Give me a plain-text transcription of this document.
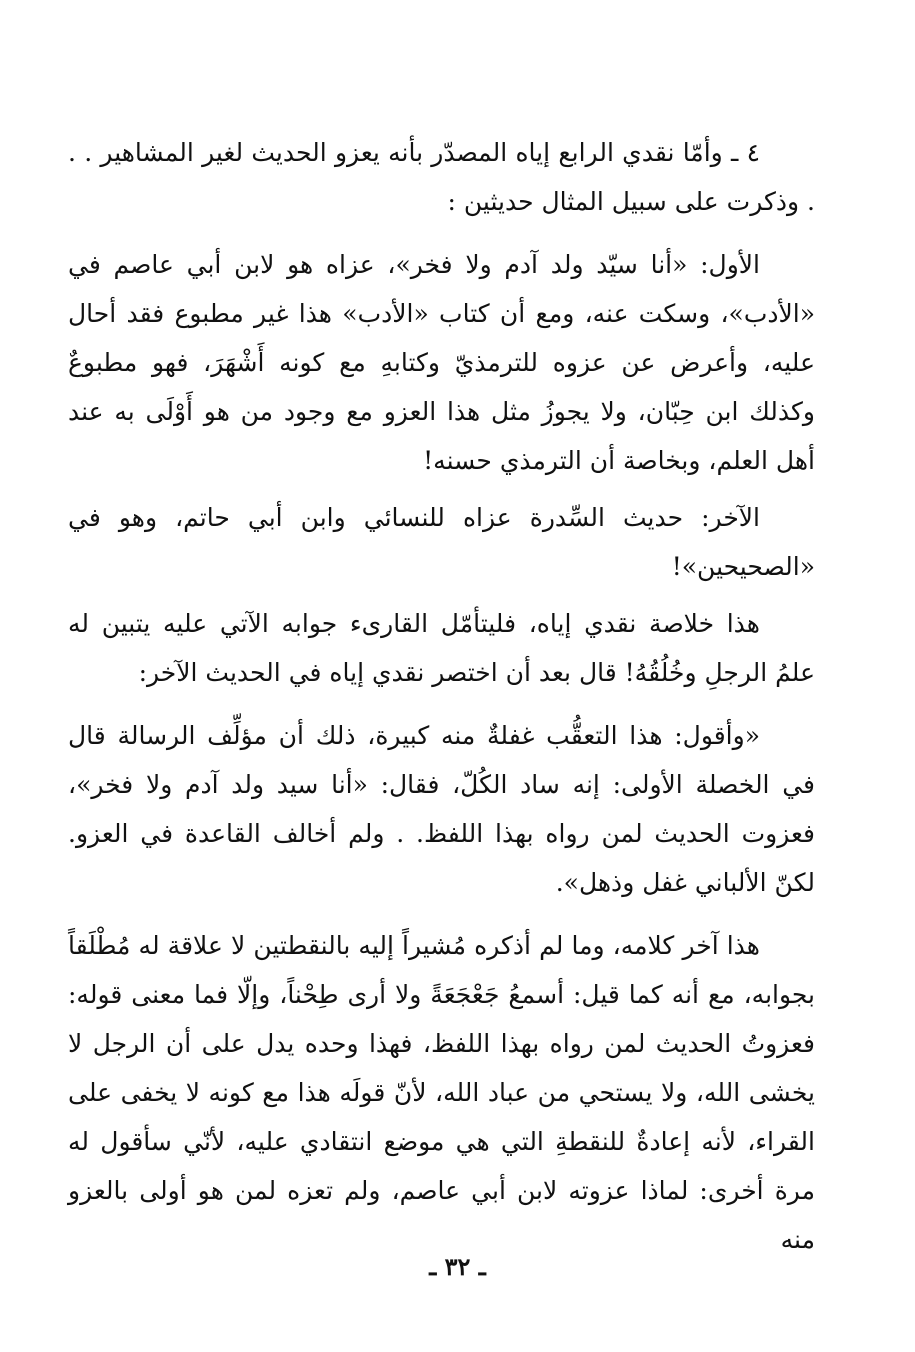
٤ ـ وأمّا نقدي الرابع إياه المصدّر بأنه يعزو الحديث لغير المشاهير . . . وذكرت على سبيل المثال حديثين :

الأول: «أنا سيّد ولد آدم ولا فخر»، عزاه هو لابن أبي عاصم في «الأدب»، وسكت عنه، ومع أن كتاب «الأدب» هذا غير مطبوع فقد أحال عليه، وأعرض عن عزوه للترمذيّ وكتابهِ مع كونه أَشْهَرَ، فهو مطبوعٌ وكذلك ابن حِبّان، ولا يجوزُ مثل هذا العزو مع وجود من هو أَوْلَى به عند أهل العلم، وبخاصة أن الترمذي حسنه!

الآخر: حديث السِّدرة عزاه للنسائي وابن أبي حاتم، وهو في «الصحيحين»!

هذا خلاصة نقدي إياه، فليتأمّل القارىء جوابه الآتي عليه يتبين له علمُ الرجلِ وخُلُقُهُ! قال بعد أن اختصر نقدي إياه في الحديث الآخر:

«وأقول: هذا التعقُّب غفلةٌ منه كبيرة، ذلك أن مؤلِّف الرسالة قال في الخصلة الأولى: إنه ساد الكُلّ، فقال: «أنا سيد ولد آدم ولا فخر»، فعزوت الحديث لمن رواه بهذا اللفظ. . ولم أخالف القاعدة في العزو. لكنّ الألباني غفل وذهل».

هذا آخر كلامه، وما لم أذكره مُشيراً إليه بالنقطتين لا علاقة له مُطْلَقاً بجوابه، مع أنه كما قيل: أسمعُ جَعْجَعَةً ولا أرى طِحْناً، وإلّا فما معنى قوله: فعزوتُ الحديث لمن رواه بهذا اللفظ، فهذا وحده يدل على أن الرجل لا يخشى الله، ولا يستحي من عباد الله، لأنّ قولَه هذا مع كونه لا يخفى على القراء، لأنه إعادةٌ للنقطةِ التي هي موضع انتقادي عليه، لأنّي سأقول له مرة أخرى: لماذا عزوته لابن أبي عاصم، ولم تعزه لمن هو أولى بالعزو منه

ـ ٣٢ ـ
